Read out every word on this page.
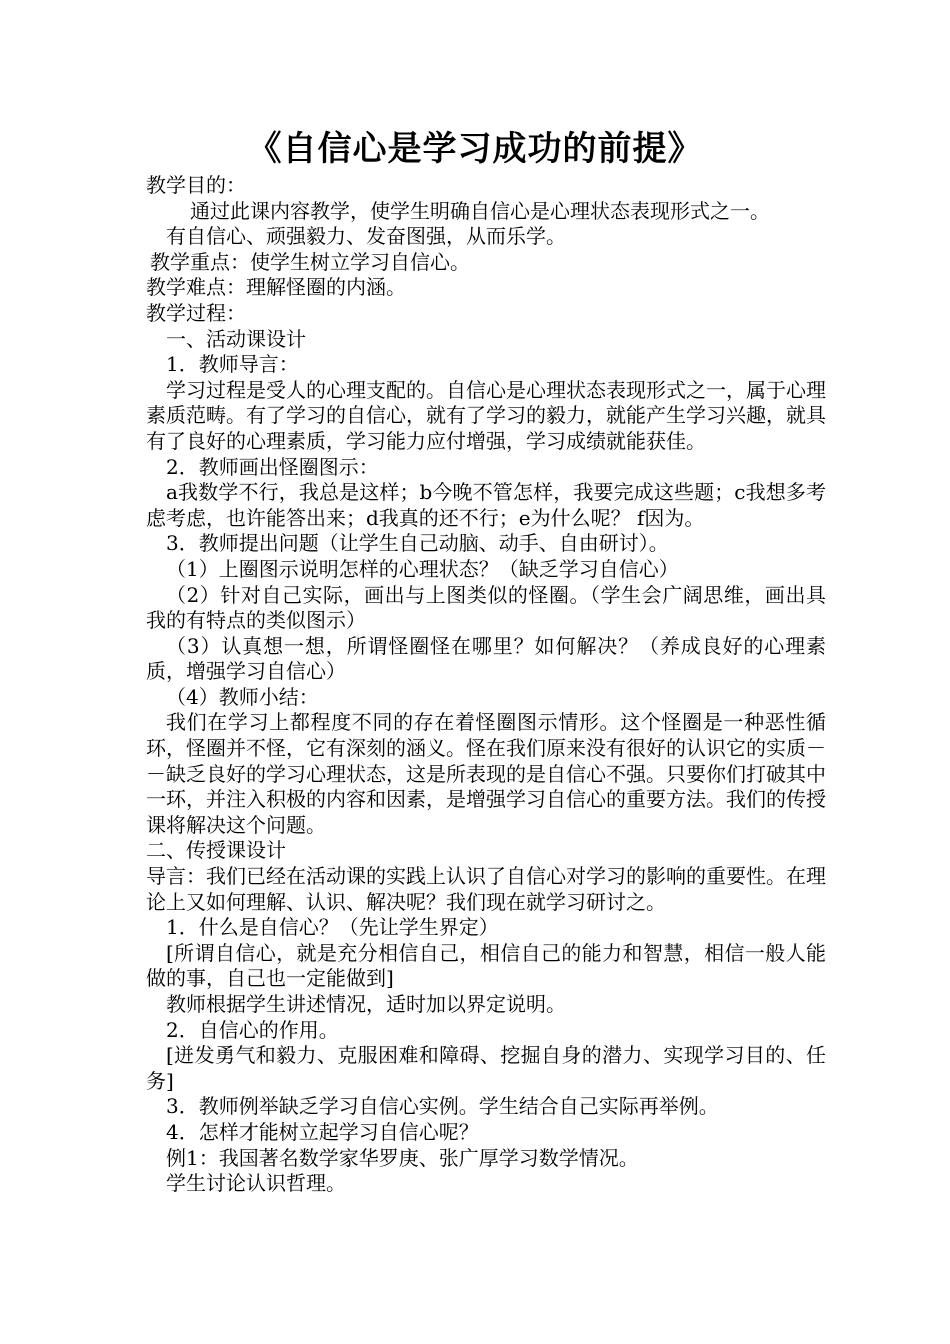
《自信心是学习成功的前提》

教学目的：

通过此课内容教学，使学生明确自信心是心理状态表现形式之一。

有自信心、顽强毅力、发奋图强，从而乐学。

教学重点：使学生树立学习自信心。

教学难点：理解怪圈的内涵。

教学过程：

一、活动课设计

1．教师导言：

学习过程是受人的心理支配的。自信心是心理状态表现形式之一，属于心理素质范畴。有了学习的自信心，就有了学习的毅力，就能产生学习兴趣，就具有了良好的心理素质，学习能力应付增强，学习成绩就能获佳。

2．教师画出怪圈图示：

a我数学不行，我总是这样；b今晚不管怎样，我要完成这些题；c我想多考虑考虑，也许能答出来；d我真的还不行；e为什么呢？ f因为。

3．教师提出问题（让学生自己动脑、动手、自由研讨）。

（1）上圈图示说明怎样的心理状态？（缺乏学习自信心）

（2）针对自己实际，画出与上图类似的怪圈。（学生会广阔思维，画出具我的有特点的类似图示）

（3）认真想一想，所谓怪圈怪在哪里？如何解决？（养成良好的心理素质，增强学习自信心）

（4）教师小结：

我们在学习上都程度不同的存在着怪圈图示情形。这个怪圈是一种恶性循环，怪圈并不怪，它有深刻的涵义。怪在我们原来没有很好的认识它的实质－－缺乏良好的学习心理状态，这是所表现的是自信心不强。只要你们打破其中一环，并注入积极的内容和因素，是增强学习自信心的重要方法。我们的传授课将解决这个问题。

二、传授课设计

导言：我们已经在活动课的实践上认识了自信心对学习的影响的重要性。在理论上又如何理解、认识、解决呢？我们现在就学习研讨之。

1．什么是自信心？（先让学生界定）

[所谓自信心，就是充分相信自己，相信自己的能力和智慧，相信一般人能做的事，自己也一定能做到]

教师根据学生讲述情况，适时加以界定说明。

2．自信心的作用。

[迸发勇气和毅力、克服困难和障碍、挖掘自身的潜力、实现学习目的、任务]

3．教师例举缺乏学习自信心实例。学生结合自己实际再举例。

4．怎样才能树立起学习自信心呢？

例1：我国著名数学家华罗庚、张广厚学习数学情况。

学生讨论认识哲理。
